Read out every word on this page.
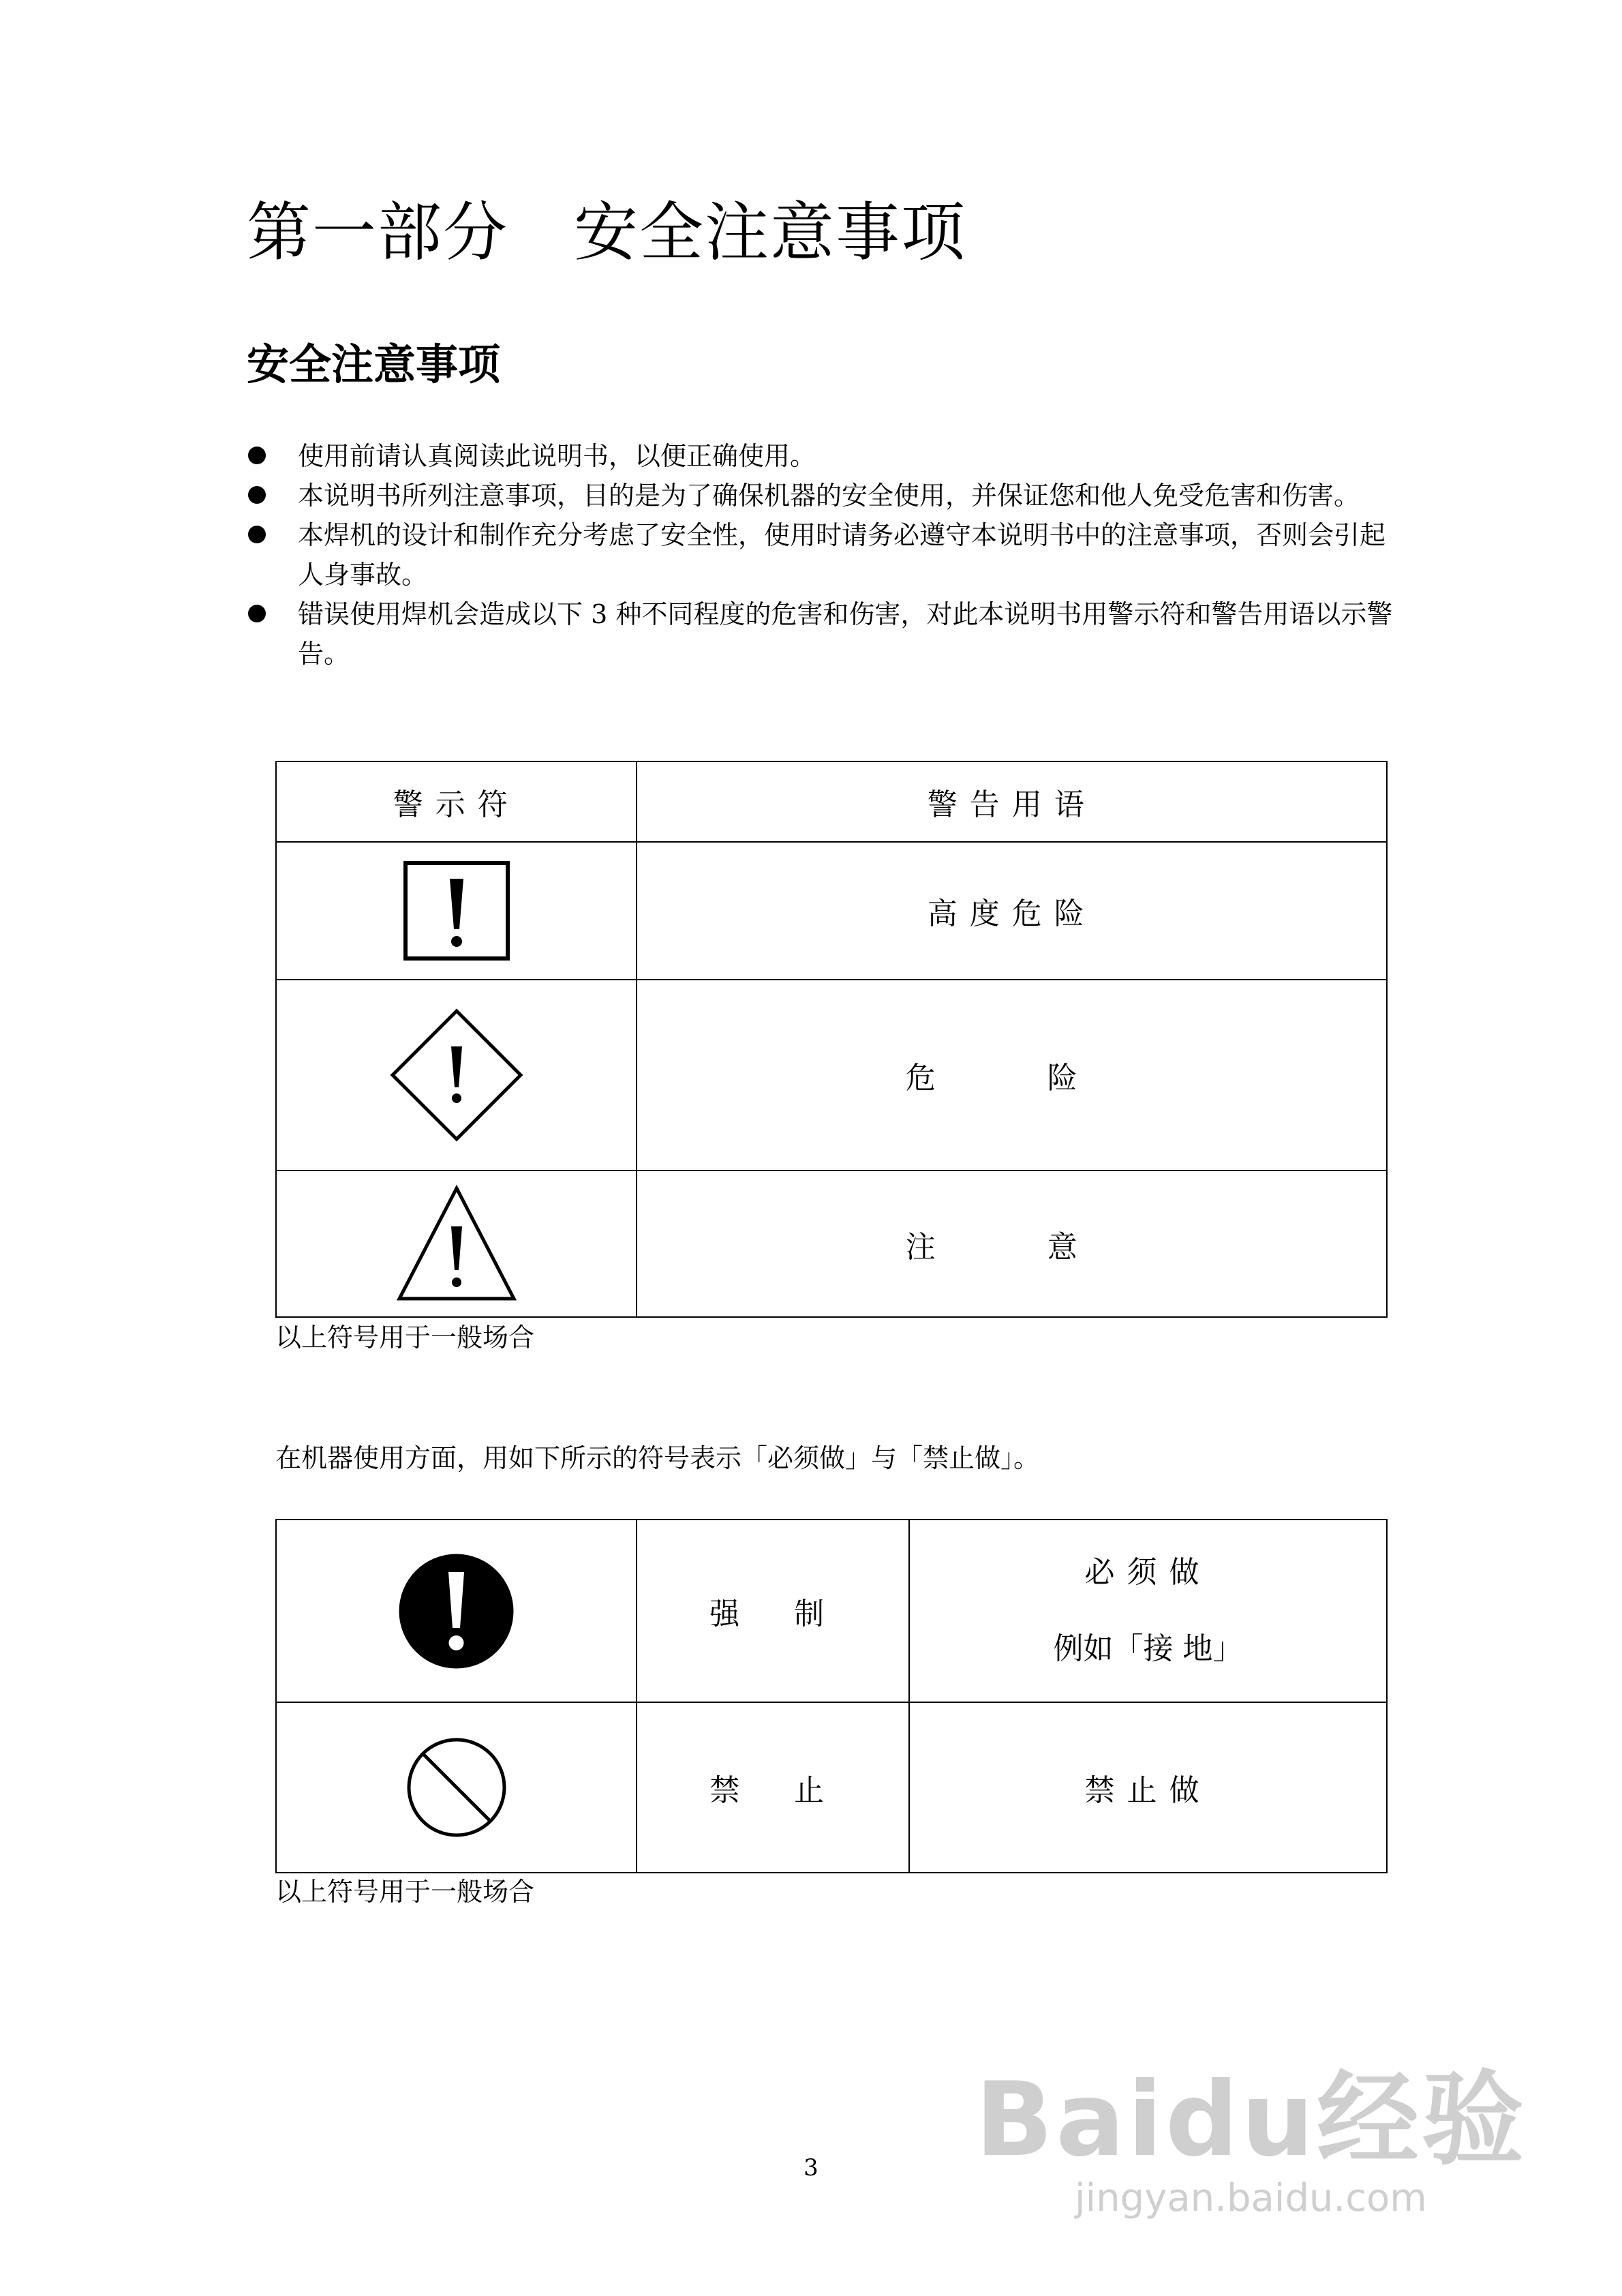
第一部分　安全注意事项
安全注意事项
使用前请认真阅读此说明书，以便正确使用。
本说明书所列注意事项，目的是为了确保机器的安全使用，并保证您和他人免受危害和伤害。
本焊机的设计和制作充分考虑了安全性，使用时请务必遵守本说明书中的注意事项，否则会引起人身事故。
错误使用焊机会造成以下 3 种不同程度的危害和伤害，对此本说明书用警示符和警告用语以示警告。
警示符	警告用语

	高度危险

	危　险

	注　意
以上符号用于一般场合
在机器使用方面，用如下所示的符号表示「必须做」与「禁止做」。
	强　制	必须做
例如「接 地」

	禁　止	禁止做
以上符号用于一般场合
3 Baidu经验
jingyan.baidu.com
